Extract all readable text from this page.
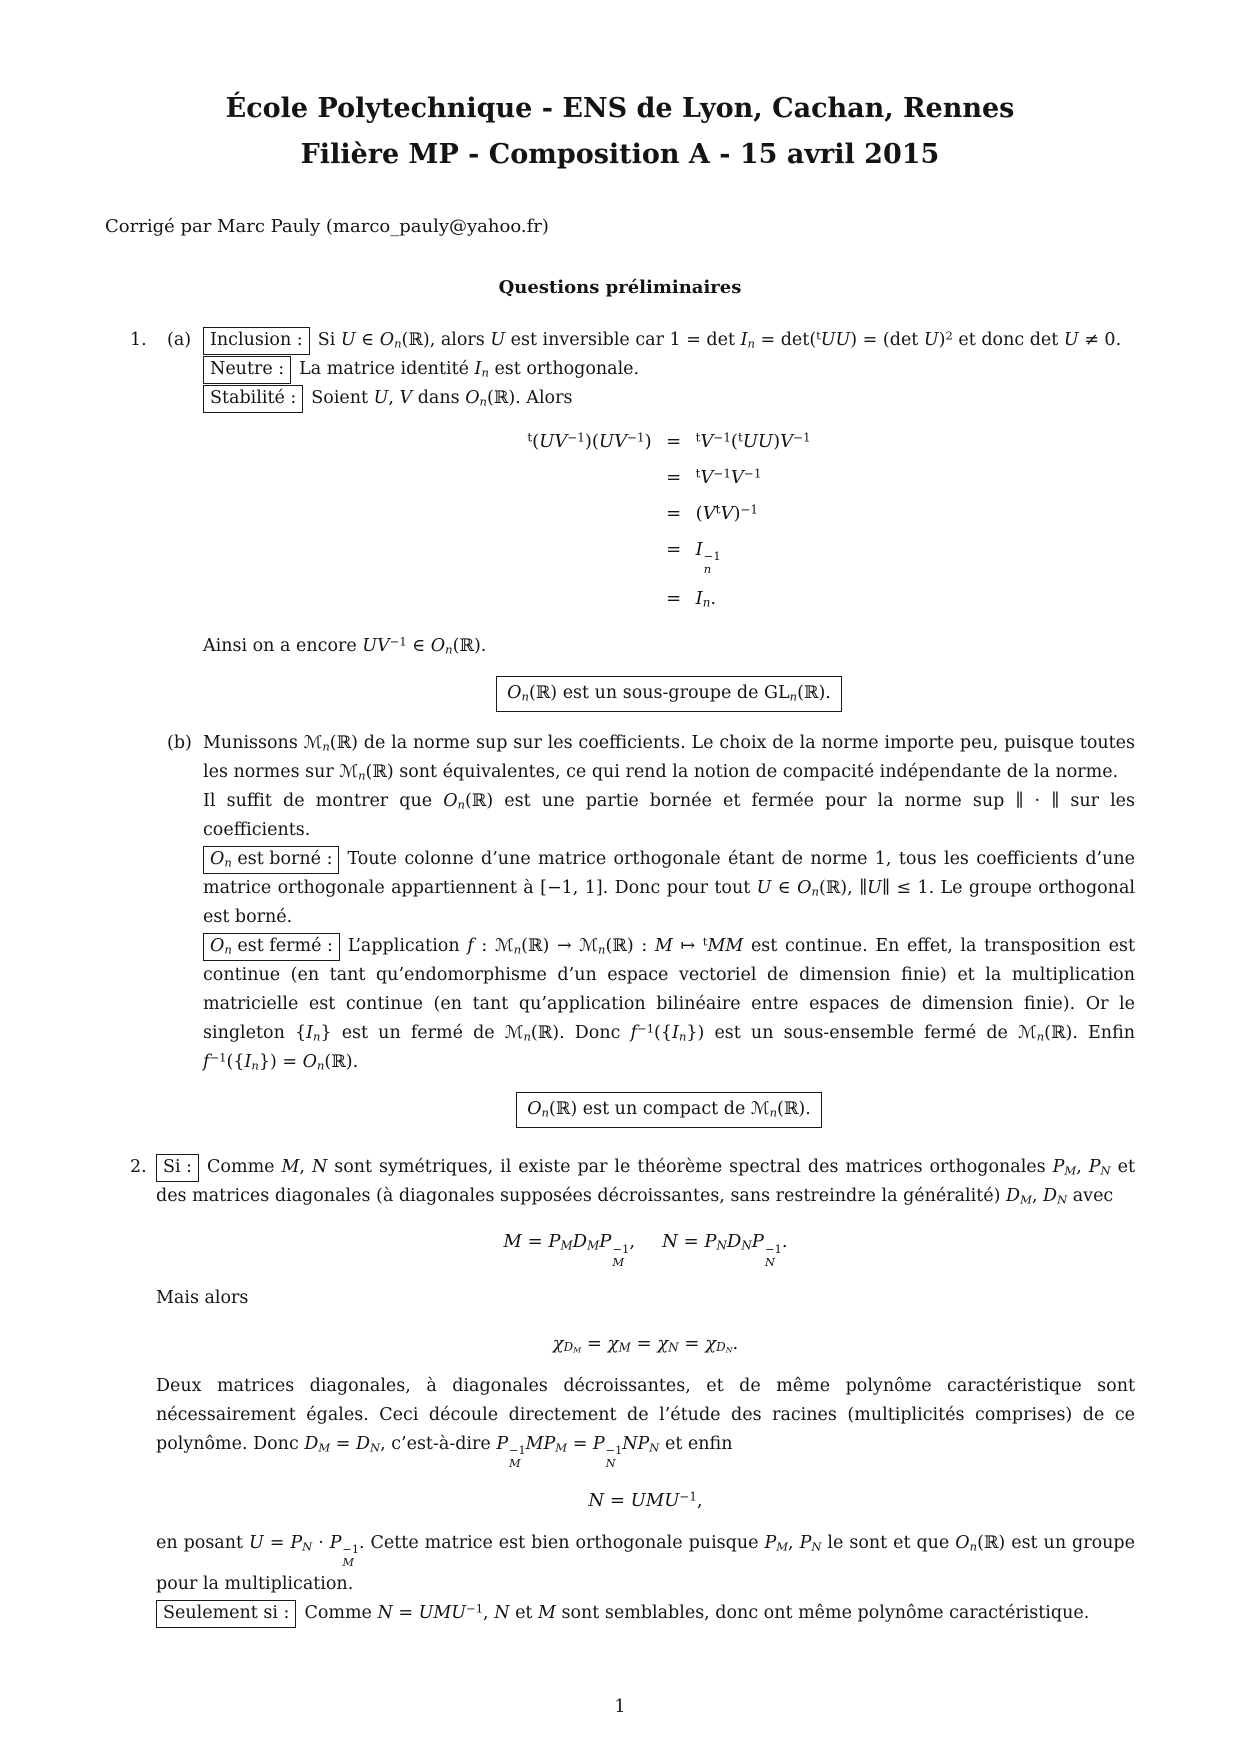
École Polytechnique - ENS de Lyon, Cachan, Rennes
Filière MP - Composition A - 15 avril 2015

Corrigé par Marc Pauly (marco_pauly@yahoo.fr)

Questions préliminaires
1.	(a)	Inclusion : Si U ∈ $O_n(ℝ)$, alors U est inversible car $1 = \det I_n = \det(^tUU) = (\det$ U)$^2$ et donc det U ≠ 0.

Neutre : La matrice identité $I_n$ est orthogonale.

Stabilité : Soient U, V dans $O_n(ℝ)$. Alors

$^t(UV^{-1})(UV^{-1})$ =	$^tV^{-1}(^tUU)V^{-1}$
=	$^tV^{-1}V^{-1}$
= $(V^tV)^{-1}$
= I −1
n
= $I_n$.

Ainsi on a encore $UV^{-1}$ ∈ $O_n(ℝ)$.

$O_n(ℝ)$ est un sous-groupe de $GL_n(ℝ)$.
(b) Munissons ℳ$_n$(ℝ) de la norme sup sur les coefficients. Le choix de la norme importe peu, puisque toutes les normes sur ℳ$_n$(ℝ) sont équivalentes, ce qui rend la notion de compacité indépendante de la norme.

Il suffit de montrer que $O_n(ℝ)$ est une partie bornée et fermée pour la norme sup ∥ · ∥ sur les coefficients.

$O_n$ est borné : Toute colonne d’une matrice orthogonale étant de norme 1, tous les coefficients d’une matrice orthogonale appartiennent à [−1, 1]. Donc pour tout U ∈ $O_n(ℝ)$, ∥U∥ ≤ 1. Le groupe orthogonal est borné.

$O_n$ est fermé : L’application f : ℳ$_n$(ℝ) → ℳ$_n$(ℝ) : M ↦ $^t$MM est continue. En effet, la transposition est continue (en tant qu’endomorphisme d’un espace vectoriel de dimension finie) et la multiplication matricielle est continue (en tant qu’application bilinéaire entre espaces de dimension finie). Or le singleton $\{I_n\}$ est un fermé de ℳ$_n$(ℝ). Donc $f^{-1}(\{I_n\})$ est un sous-ensemble fermé de ℳ$_n$(ℝ). Enfin $f^{-1}(\{I_n\})$ = $O_n(ℝ)$.

$O_n(ℝ)$ est un compact de ℳ$_n$(ℝ).
2. Si : Comme M, N sont symétriques, il existe par le théorème spectral des matrices orthogonales $P_M$, $P_N$ et des matrices diagonales (à diagonales supposées décroissantes, sans restreindre la généralité) $D_M$, $D_N$ avec

$M = P_MD_MP -1$
M
,  $N = P_ND_NP -1$
N
.

Mais alors

$\chi_{D_M} = \chi_M = \chi_N = \chi_{D_N}$.

Deux matrices diagonales, à diagonales décroissantes, et de même polynôme caractéristique sont nécessairement égales. Ceci découle directement de l’étude des racines (multiplicités comprises) de ce polynôme. Donc $D_M = D_N$, c’est-à-dire P −1
M
$MP_M = P -1$
N
$NP_N$ et enfin

$N = UMU^{-1}$,

en posant $U = P_N \cdot P -1$
M
. Cette matrice est bien orthogonale puisque $P_M$, $P_N$ le sont et que $O_n(ℝ)$ est un groupe pour la multiplication.

Seulement si : Comme $N = UMU^{-1}$, N et M sont semblables, donc ont même polynôme caractéristique.

1
